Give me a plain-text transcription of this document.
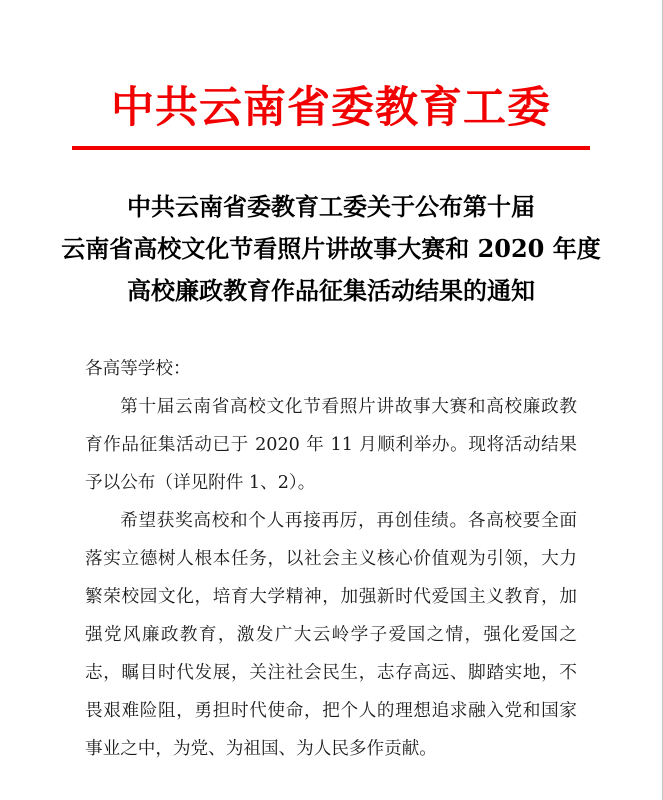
中共云南省委教育工委
中共云南省委教育工委关于公布第十届
云南省高校文化节看照片讲故事大赛和 2020 年度
高校廉政教育作品征集活动结果的通知

各高等学校：

第十届云南省高校文化节看照片讲故事大赛和高校廉政教育作品征集活动已于 2020 年 11 月顺利举办。现将活动结果予以公布（详见附件 1、2）。

希望获奖高校和个人再接再厉，再创佳绩。各高校要全面落实立德树人根本任务，以社会主义核心价值观为引领，大力繁荣校园文化，培育大学精神，加强新时代爱国主义教育，加强党风廉政教育，激发广大云岭学子爱国之情，强化爱国之志，瞩目时代发展，关注社会民生，志存高远、脚踏实地，不畏艰难险阻，勇担时代使命，把个人的理想追求融入党和国家事业之中，为党、为祖国、为人民多作贡献。
